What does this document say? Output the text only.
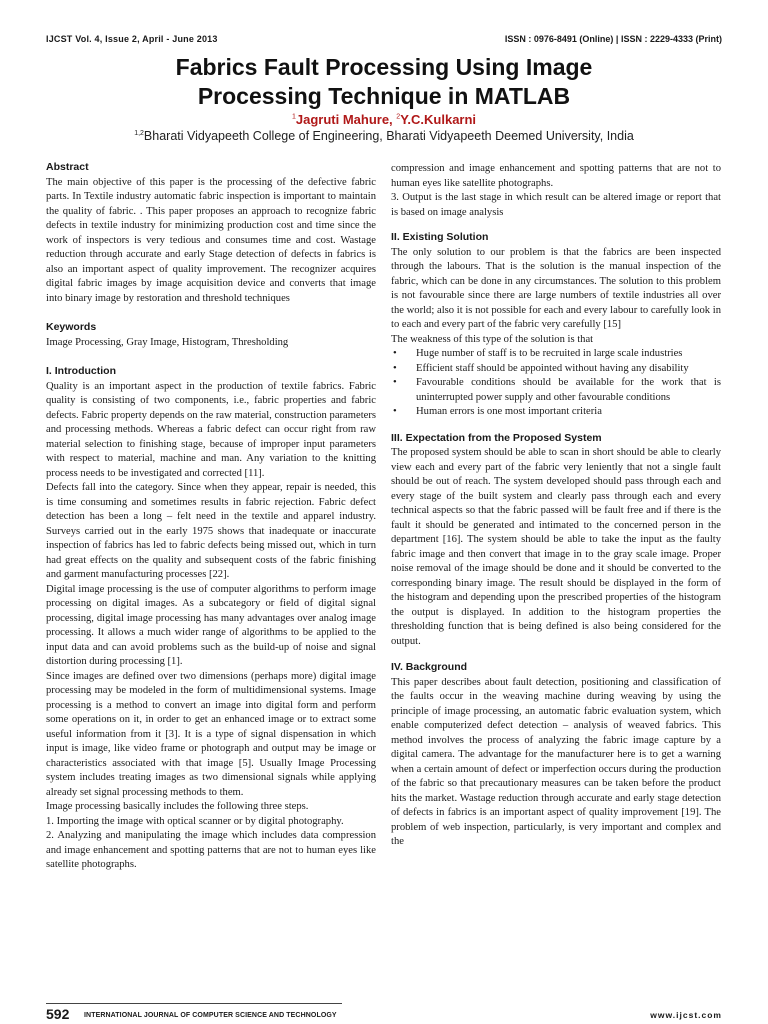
IJCST Vol. 4, Issue 2, April - June 2013	ISSN : 0976-8491 (Online) | ISSN : 2229-4333 (Print)
Fabrics Fault Processing Using Image
Processing Technique in MATLAB
$^1$Jagruti Mahure, $^2$Y.C.Kulkarni
$^{1,2}$Bharati Vidyapeeth College of Engineering, Bharati Vidyapeeth Deemed University, India
Abstract

The main objective of this paper is the processing of the defective fabric parts. In Textile industry automatic fabric inspection is important to maintain the quality of fabric. . This paper proposes an approach to recognize fabric defects in textile industry for minimizing production cost and time since the work of inspectors is very tedious and consumes time and cost. Wastage reduction through accurate and early Stage detection of defects in fabrics is also an important aspect of quality improvement. The recognizer acquires digital fabric images by image acquisition device and converts that image into binary image by restoration and threshold techniques

Keywords

Image Processing, Gray Image, Histogram, Thresholding

I. Introduction

Quality is an important aspect in the production of textile fabrics. Fabric quality is consisting of two components, i.e., fabric properties and fabric defects. Fabric property depends on the raw material, construction parameters and processing methods. Whereas a fabric defect can occur right from raw material selection to finishing stage, because of improper input parameters with respect to material, machine and man. Any variation to the knitting process needs to be investigated and corrected [11].

Defects fall into the category. Since when they appear, repair is needed, this is time consuming and sometimes results in fabric rejection. Fabric defect detection has been a long – felt need in the textile and apparel industry. Surveys carried out in the early 1975 shows that inadequate or inaccurate inspection of fabrics has led to fabric defects being missed out, which in turn had great effects on the quality and subsequent costs of the fabric finishing and garment manufacturing processes [22].

Digital image processing is the use of computer algorithms to perform image processing on digital images. As a subcategory or field of digital signal processing, digital image processing has many advantages over analog image processing. It allows a much wider range of algorithms to be applied to the input data and can avoid problems such as the build-up of noise and signal distortion during processing [1].

Since images are defined over two dimensions (perhaps more) digital image processing may be modeled in the form of multidimensional systems. Image processing is a method to convert an image into digital form and perform some operations on it, in order to get an enhanced image or to extract some useful information from it [3]. It is a type of signal dispensation in which input is image, like video frame or photograph and output may be image or characteristics associated with that image [5]. Usually Image Processing system includes treating images as two dimensional signals while applying already set signal processing methods to them.

Image processing basically includes the following three steps.

1. Importing the image with optical scanner or by digital photography.

2. Analyzing and manipulating the image which includes data compression and image enhancement and spotting patterns that are not to human eyes like satellite photographs.

compression and image enhancement and spotting patterns that are not to human eyes like satellite photographs.

3. Output is the last stage in which result can be altered image or report that is based on image analysis

II. Existing Solution

The only solution to our problem is that the fabrics are been inspected through the labours. That is the solution is the manual inspection of the fabric, which can be done in any circumstances. The solution to this problem is not favourable since there are large numbers of textile industries all over the world; also it is not possible for each and every labour to carefully look in to each and every part of the fabric very carefully [15]

The weakness of this type of the solution is that

• Huge number of staff is to be recruited in large scale industries
• Efficient staff should be appointed without having any disability
• Favourable conditions should be available for the work that is uninterrupted power supply and other favourable conditions
• Human errors is one most important criteria
III. Expectation from the Proposed System

The proposed system should be able to scan in short should be able to clearly view each and every part of the fabric very leniently that not a single fault should be out of reach. The system developed should pass through each and every stage of the built system and clearly pass through each and every technical aspects so that the fabric passed will be fault free and if there is the fault it should be generated and intimated to the concerned person in the department [16]. The system should be able to take the input as the faulty fabric image and then convert that image in to the gray scale image. Proper noise removal of the image should be done and it should be converted to the corresponding binary image. The result should be displayed in the form of the histogram and depending upon the prescribed properties of the histogram the output is displayed. In addition to the histogram properties the thresholding function that is being defined is also being considered for the output.

IV. Background

This paper describes about fault detection, positioning and classification of the faults occur in the weaving machine during weaving by using the principle of image processing, an automatic fabric evaluation system, which enable computerized defect detection – analysis of weaved fabrics. This method involves the process of analyzing the fabric image capture by a digital camera. The advantage for the manufacturer here is to get a warning when a certain amount of defect or imperfection occurs during the production of the fabric so that precautionary measures can be taken before the product hits the market. Wastage reduction through accurate and early stage detection of defects in fabrics is an important aspect of quality improvement [19]. The problem of web inspection, particularly, is very important and complex and the

592 INTERNATIONAL JOURNAL OF COMPUTER SCIENCE AND TECHNOLOGY	www.ijcst.com
